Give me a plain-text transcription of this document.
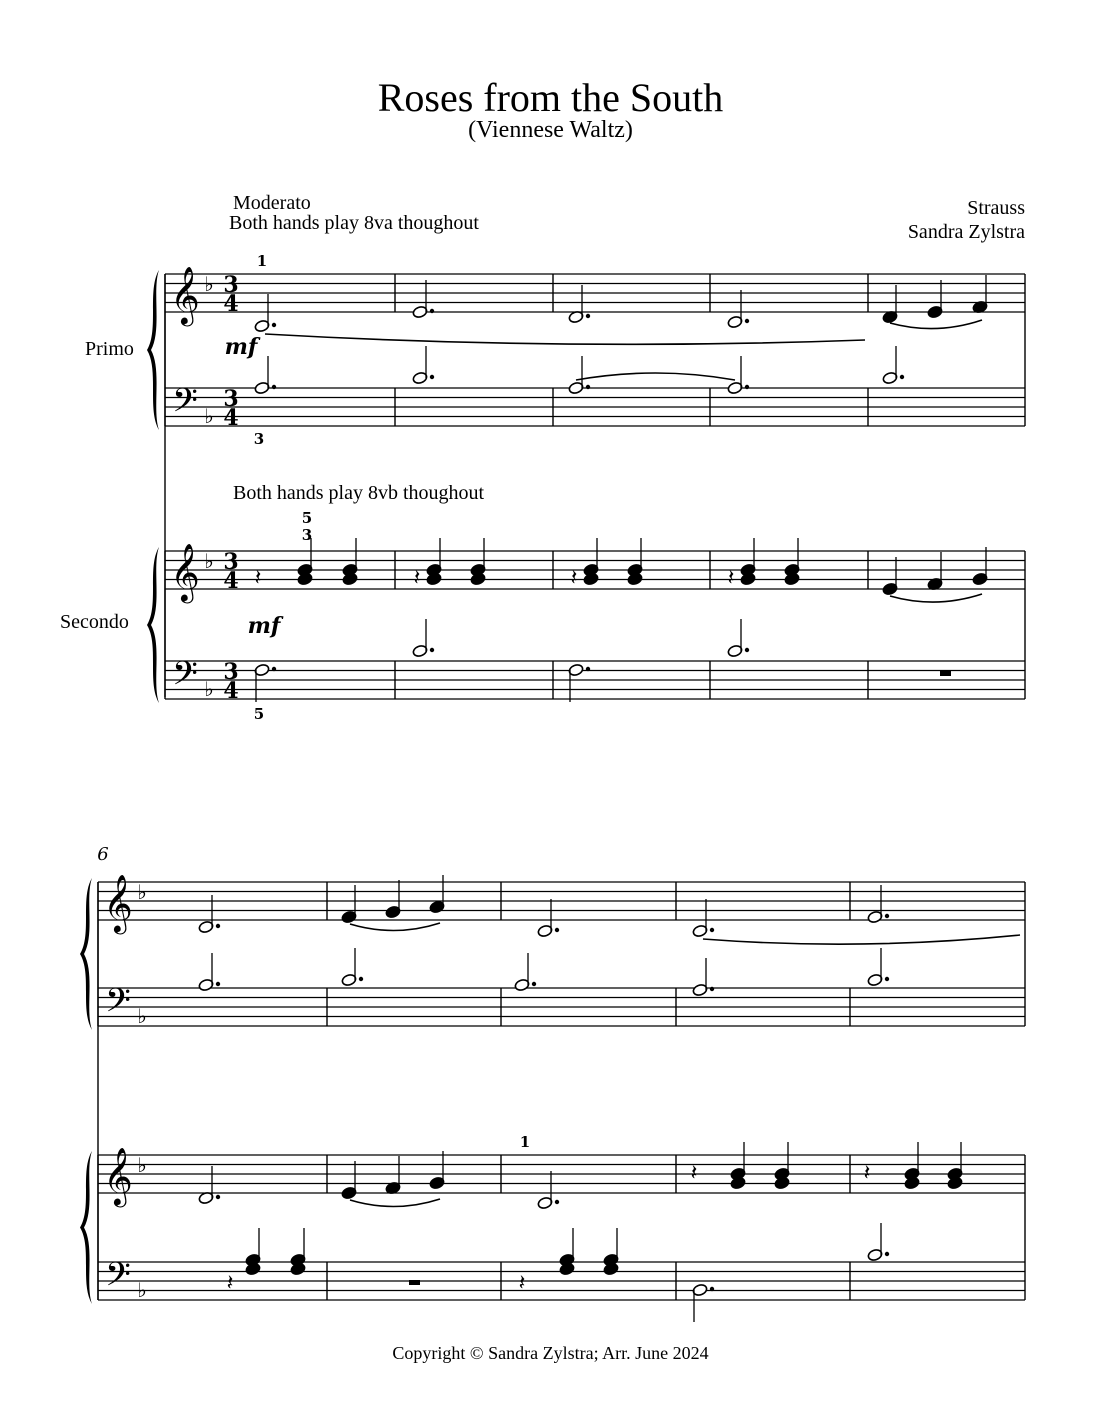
Roses from the South
(Viennese Waltz)
Moderato
Both hands play 8va thoughout
Both hands play 8vb thoughout
Strauss
Sandra Zylstra
Primo
Secondo
Copyright © Sandra Zylstra; Arr. June 2024
𝄞
𝄢
♭
♭
3
4
3
4
𝄞
𝄢
♭
♭
3
4
3
4
𝄞
𝄢
♭
♭
𝄞
𝄢
♭
♭
𝄽	𝄽	𝄽	𝄽
𝄽	𝄽
𝄽	𝄽
1
3
5
3
5
1
mf
mf
6
